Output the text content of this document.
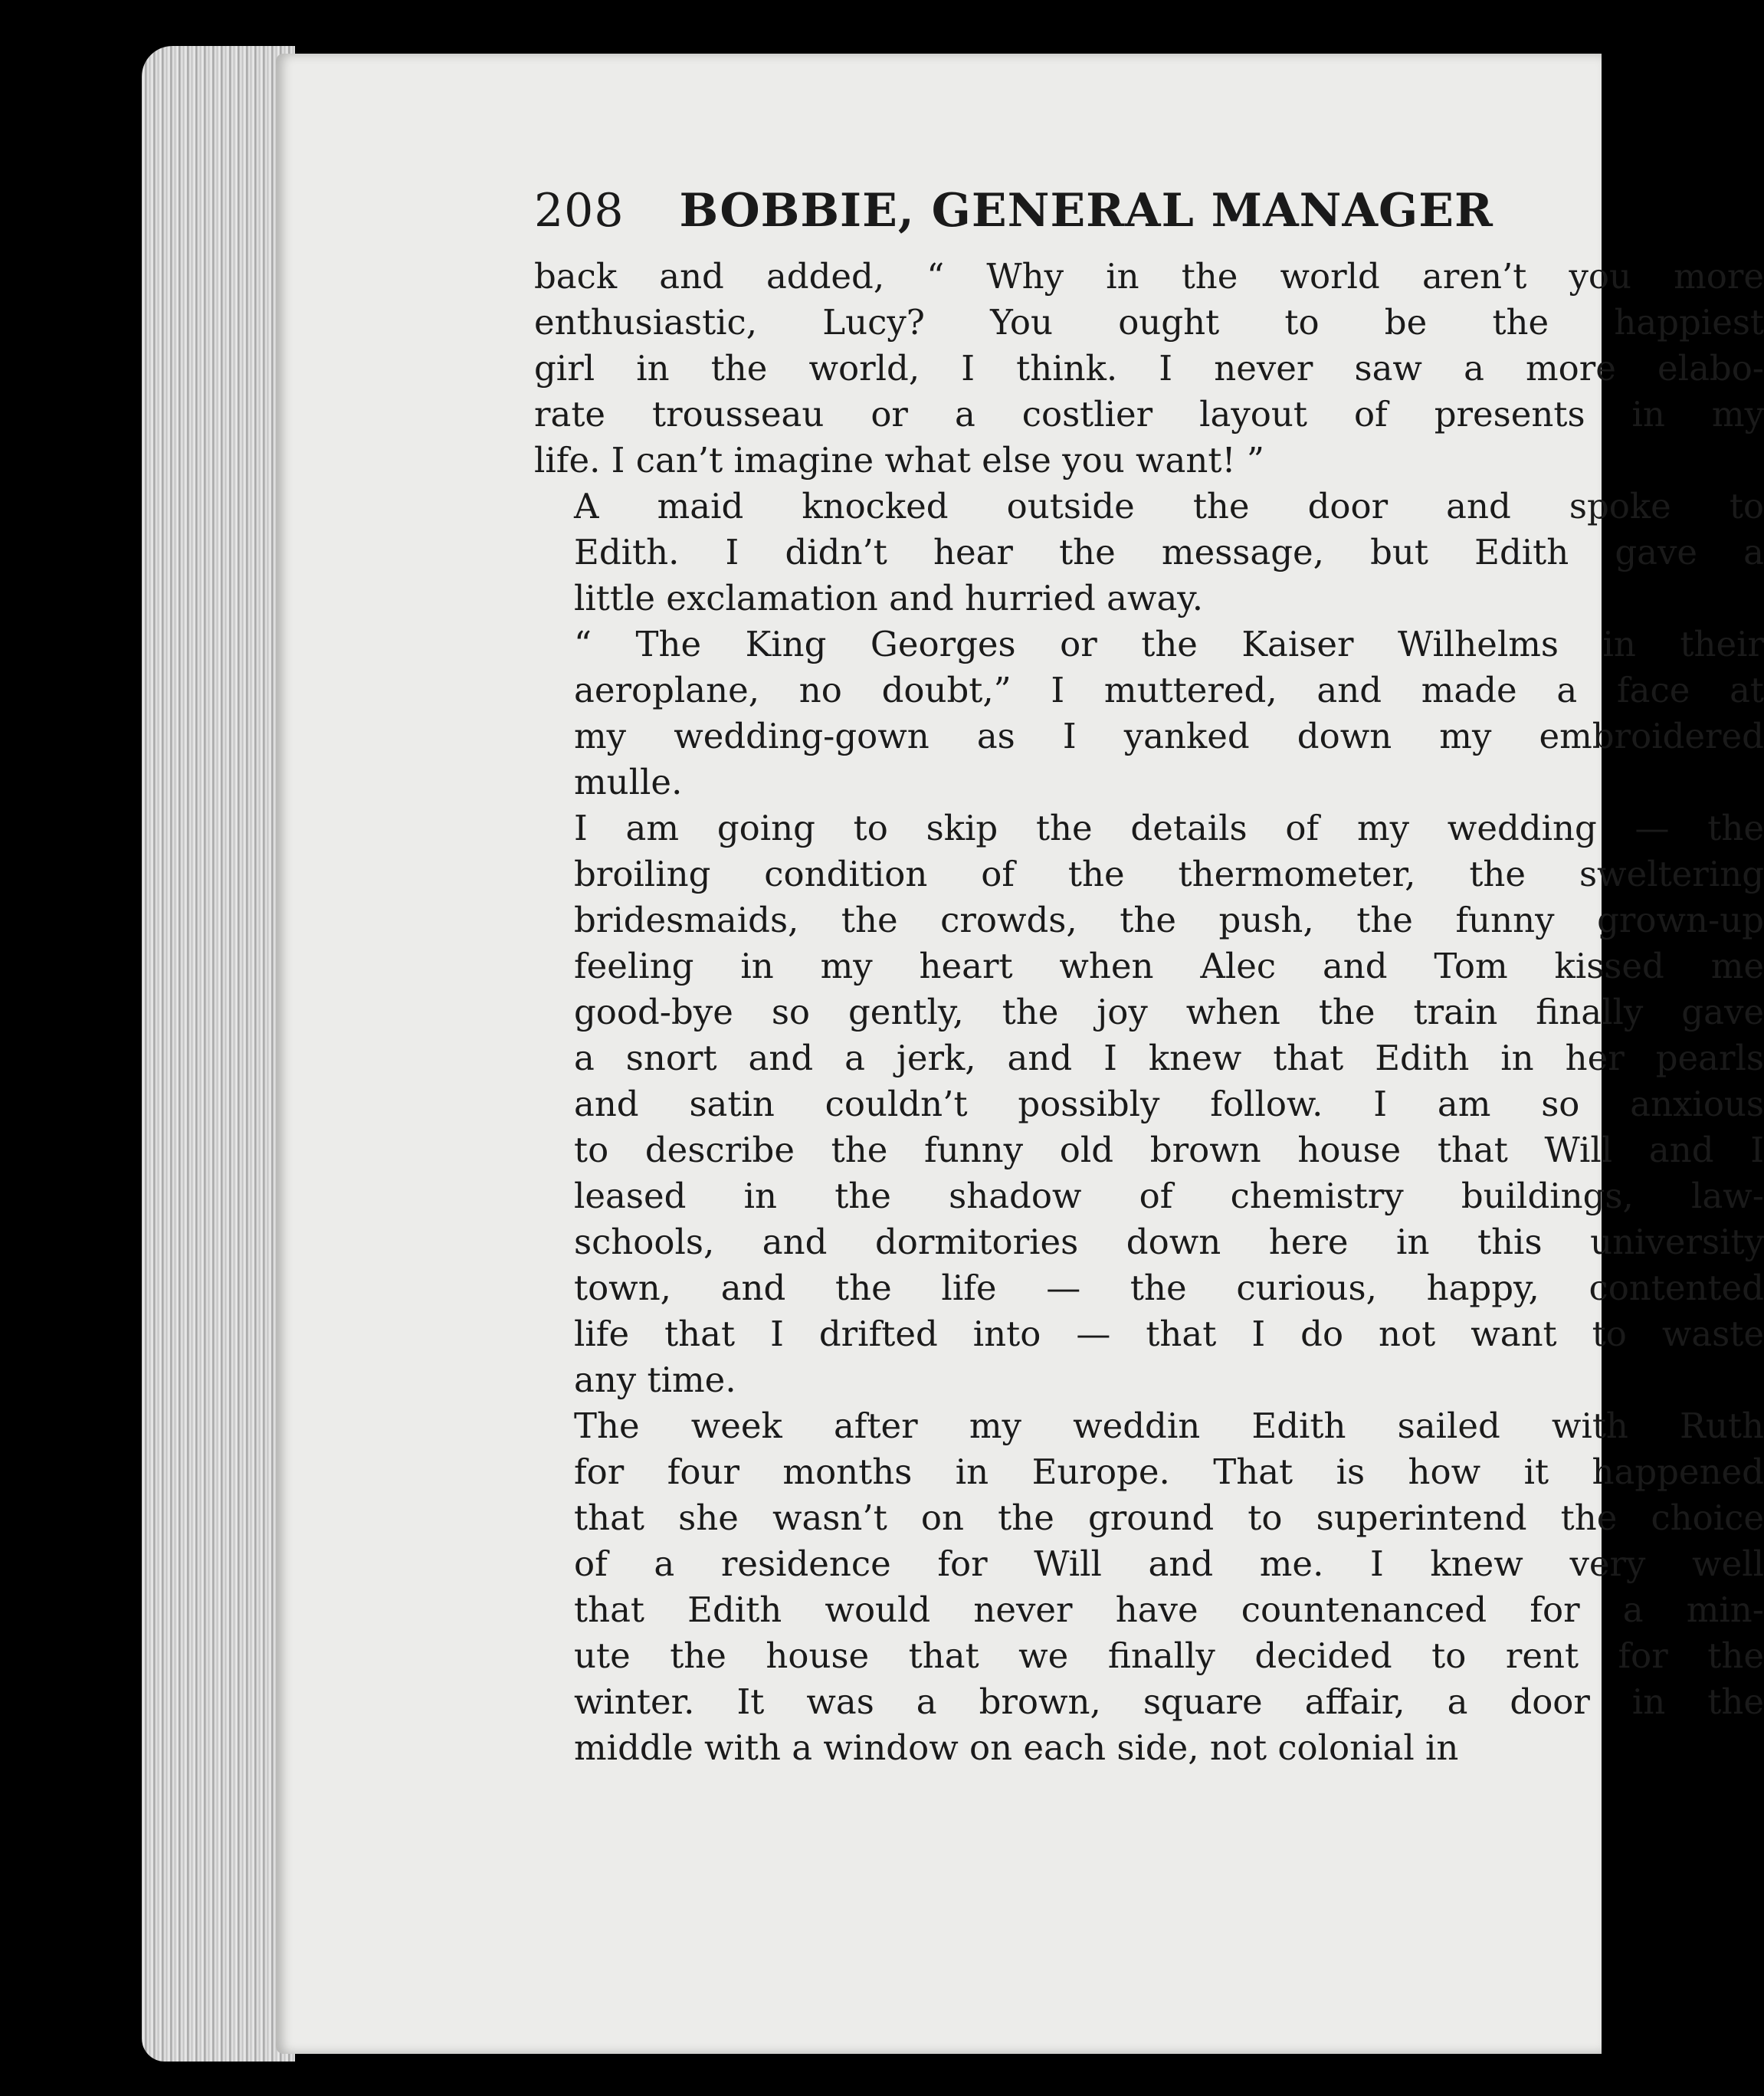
208 BOBBIE, GENERAL MANAGER
back and added, “ Why in the world aren’t you more
enthusiastic, Lucy? You ought to be the happiest
girl in the world, I think. I never saw a more elabo-
rate trousseau or a costlier layout of presents in my
life. I can’t imagine what else you want! ”
A maid knocked outside the door and spoke to
Edith. I didn’t hear the message, but Edith gave a
little exclamation and hurried away.
“ The King Georges or the Kaiser Wilhelms in their
aeroplane, no doubt,” I muttered, and made a face at
my wedding-gown as I yanked down my embroidered
mulle.
I am going to skip the details of my wedding — the
broiling condition of the thermometer, the sweltering
bridesmaids, the crowds, the push, the funny grown-up
feeling in my heart when Alec and Tom kissed me
good-bye so gently, the joy when the train finally gave
a snort and a jerk, and I knew that Edith in her pearls
and satin couldn’t possibly follow. I am so anxious
to describe the funny old brown house that Will and I
leased in the shadow of chemistry buildings, law-
schools, and dormitories down here in this university
town, and the life — the curious, happy, contented
life that I drifted into — that I do not want to waste
any time.
The week after my weddin Edith sailed with Ruth
for four months in Europe. That is how it happened
that she wasn’t on the ground to superintend the choice
of a residence for Will and me. I knew very well
that Edith would never have countenanced for a min-
ute the house that we finally decided to rent for the
winter. It was a brown, square affair, a door in the
middle with a window on each side, not colonial in
